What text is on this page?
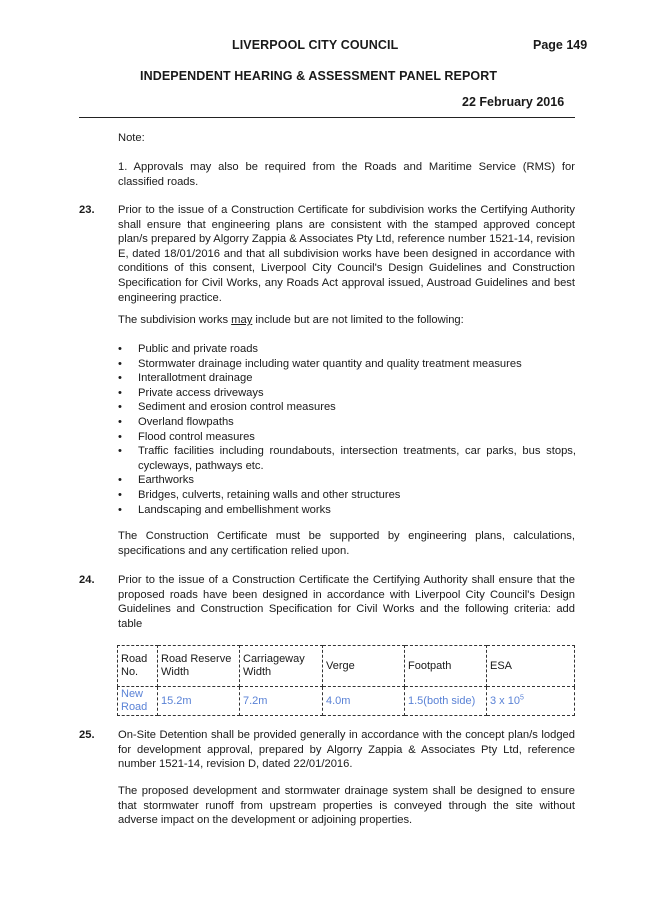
LIVERPOOL CITY COUNCIL	Page 149
INDEPENDENT HEARING & ASSESSMENT PANEL REPORT
22 February 2016
Note:
1. Approvals may also be required from the Roads and Maritime Service (RMS) for classified roads.
23. Prior to the issue of a Construction Certificate for subdivision works the Certifying Authority shall ensure that engineering plans are consistent with the stamped approved concept plan/s prepared by Algorry Zappia & Associates Pty Ltd, reference number 1521-14, revision E, dated 18/01/2016 and that all subdivision works have been designed in accordance with conditions of this consent, Liverpool City Council's Design Guidelines and Construction Specification for Civil Works, any Roads Act approval issued, Austroad Guidelines and best engineering practice.
The subdivision works may include but are not limited to the following:
• Public and private roads
• Stormwater drainage including water quantity and quality treatment measures
• Interallotment drainage
• Private access driveways
• Sediment and erosion control measures
• Overland flowpaths
• Flood control measures
• Traffic facilities including roundabouts, intersection treatments, car parks, bus stops, cycleways, pathways etc.
• Earthworks
• Bridges, culverts, retaining walls and other structures
• Landscaping and embellishment works
The Construction Certificate must be supported by engineering plans, calculations, specifications and any certification relied upon.
24. Prior to the issue of a Construction Certificate the Certifying Authority shall ensure that the proposed roads have been designed in accordance with Liverpool City Council's Design Guidelines and Construction Specification for Civil Works and the following criteria: add table
Road No.	Road Reserve Width	Carriageway Width	Verge	Footpath	ESA
New Road	15.2m	7.2m	4.0m	1.5(both side)	3 x $10^5$
25. On-Site Detention shall be provided generally in accordance with the concept plan/s lodged for development approval, prepared by Algorry Zappia & Associates Pty Ltd, reference number 1521-14, revision D, dated 22/01/2016.
The proposed development and stormwater drainage system shall be designed to ensure that stormwater runoff from upstream properties is conveyed through the site without adverse impact on the development or adjoining properties.
